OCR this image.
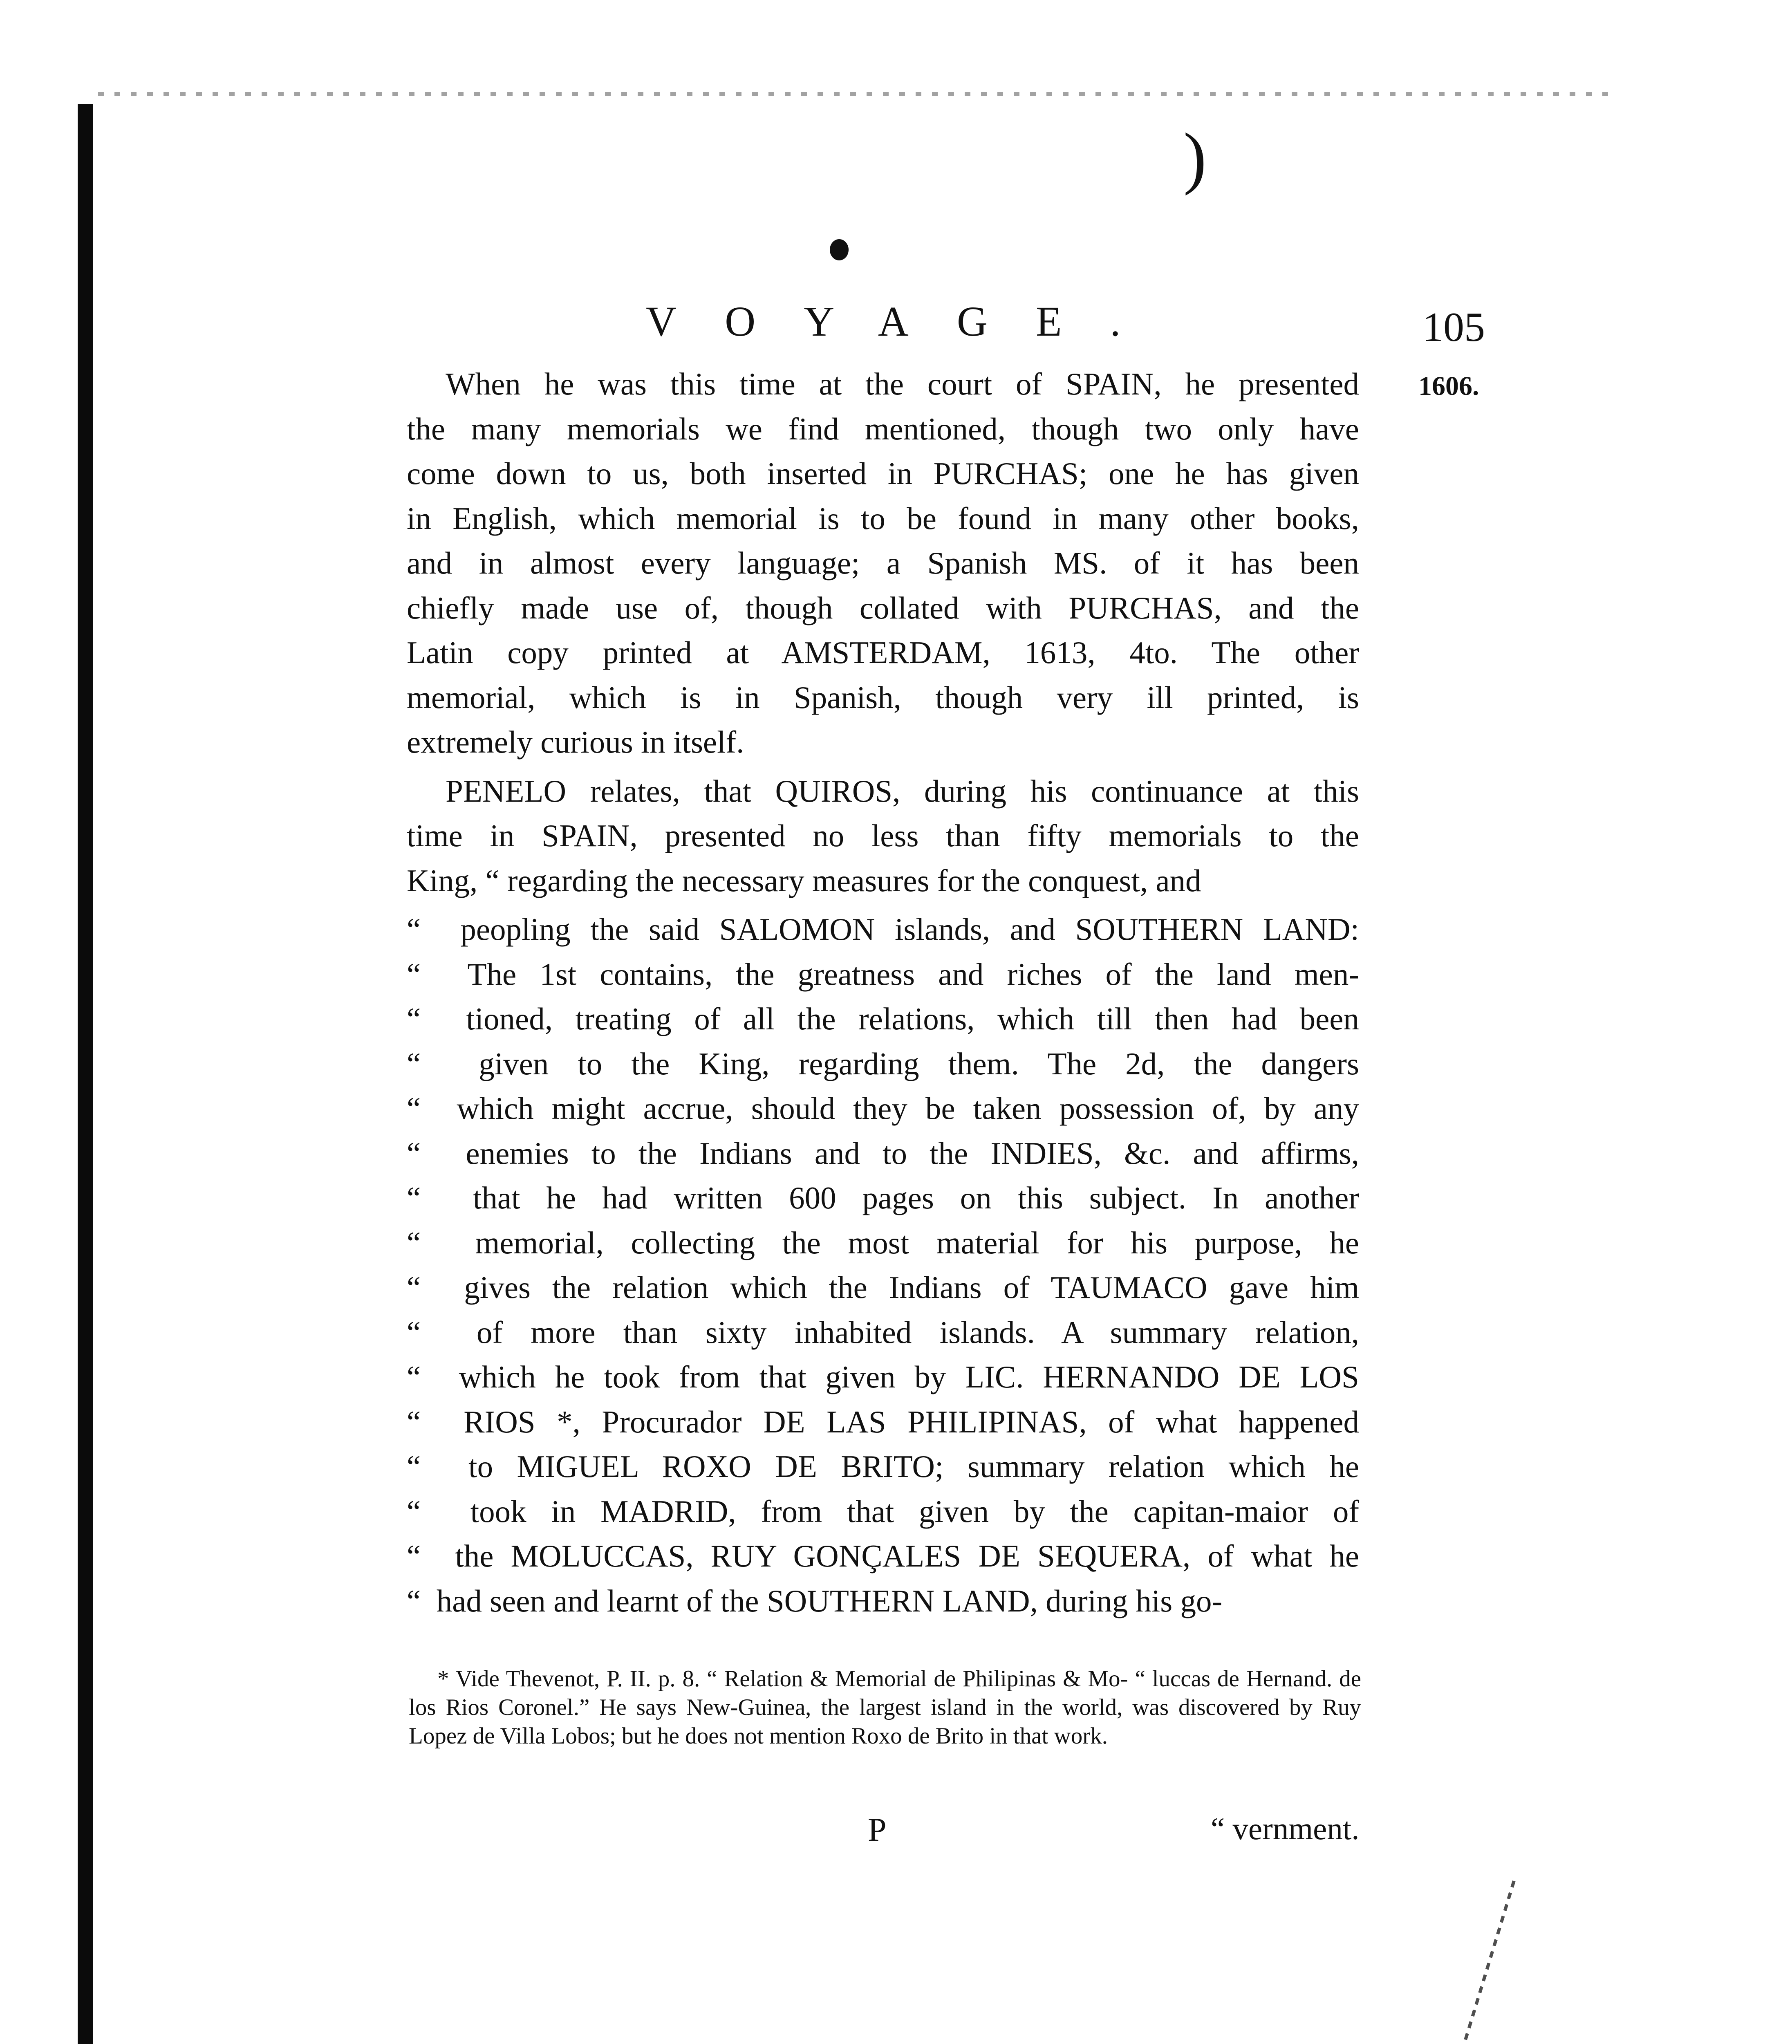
)
VOYAGE.	105
1606.
When he was this time at the court of SPAIN, he presented
the many memorials we find mentioned, though two only have
come down to us, both inserted in PURCHAS; one he has given
in English, which memorial is to be found in many other books,
and in almost every language; a Spanish MS. of it has been
chiefly made use of, though collated with PURCHAS, and the
Latin copy printed at AMSTERDAM, 1613, 4to. The other
memorial, which is in Spanish, though very ill printed, is
extremely curious in itself.
PENELO relates, that QUIROS, during his continuance at this
time in SPAIN, presented no less than fifty memorials to the
King, “ regarding the necessary measures for the conquest, and
“  peopling the said SALOMON islands, and SOUTHERN LAND:
“  The 1st contains, the greatness and riches of the land men-
“  tioned, treating of all the relations, which till then had been
“  given to the King, regarding them. The 2d, the dangers
“  which might accrue, should they be taken possession of, by any
“  enemies to the Indians and to the INDIES, &c. and affirms,
“  that he had written 600 pages on this subject. In another
“  memorial, collecting the most material for his purpose, he
“  gives the relation which the Indians of TAUMACO gave him
“  of more than sixty inhabited islands. A summary relation,
“  which he took from that given by LIC. HERNANDO DE LOS
“  RIOS *, Procurador DE LAS PHILIPINAS, of what happened
“  to MIGUEL ROXO DE BRITO; summary relation which he
“  took in MADRID, from that given by the capitan-maior of
“  the MOLUCCAS, RUY GONÇALES DE SEQUERA, of what he
“  had seen and learnt of the SOUTHERN LAND, during his go-

* Vide Thevenot, P. II. p. 8. “ Relation & Memorial de Philipinas & Mo- “ luccas de Hernand. de los Rios Coronel.” He says New-Guinea, the largest island in the world, was discovered by Ruy Lopez de Villa Lobos; but he does not mention Roxo de Brito in that work.

P	“ vernment.
